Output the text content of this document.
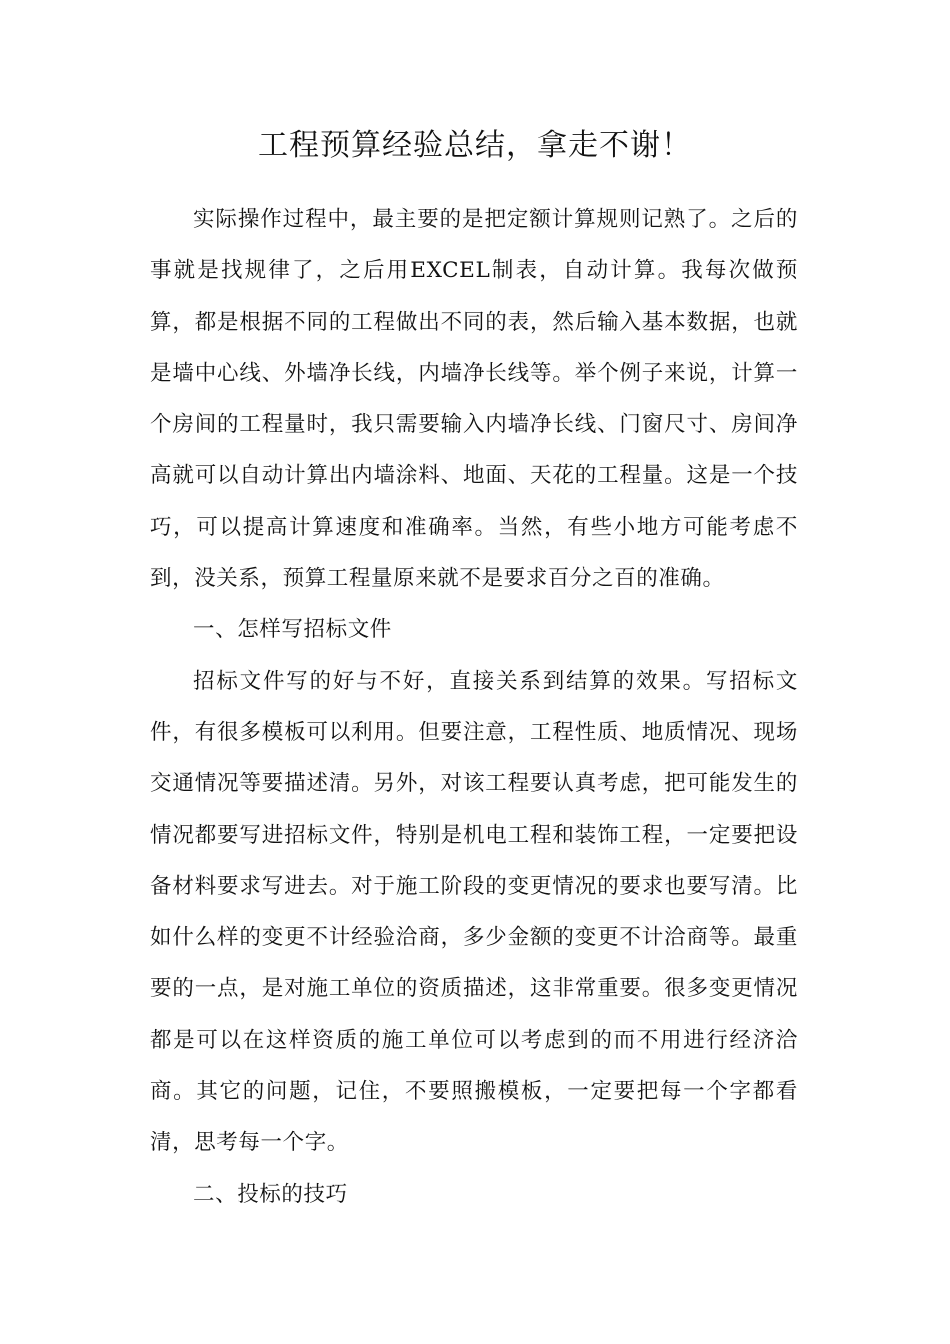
工程预算经验总结，拿走不谢！

实际操作过程中，最主要的是把定额计算规则记熟了。之后的事就是找规律了，之后用EXCEL制表，自动计算。我每次做预算，都是根据不同的工程做出不同的表，然后输入基本数据，也就是墙中心线、外墙净长线，内墙净长线等。举个例子来说，计算一个房间的工程量时，我只需要输入内墙净长线、门窗尺寸、房间净高就可以自动计算出内墙涂料、地面、天花的工程量。这是一个技巧，可以提高计算速度和准确率。当然，有些小地方可能考虑不到，没关系，预算工程量原来就不是要求百分之百的准确。

一、怎样写招标文件

招标文件写的好与不好，直接关系到结算的效果。写招标文件，有很多模板可以利用。但要注意，工程性质、地质情况、现场交通情况等要描述清。另外，对该工程要认真考虑，把可能发生的情况都要写进招标文件，特别是机电工程和装饰工程，一定要把设备材料要求写进去。对于施工阶段的变更情况的要求也要写清。比如什么样的变更不计经验洽商，多少金额的变更不计洽商等。最重要的一点，是对施工单位的资质描述，这非常重要。很多变更情况都是可以在这样资质的施工单位可以考虑到的而不用进行经济洽商。其它的问题，记住，不要照搬模板，一定要把每一个字都看清，思考每一个字。

二、投标的技巧
